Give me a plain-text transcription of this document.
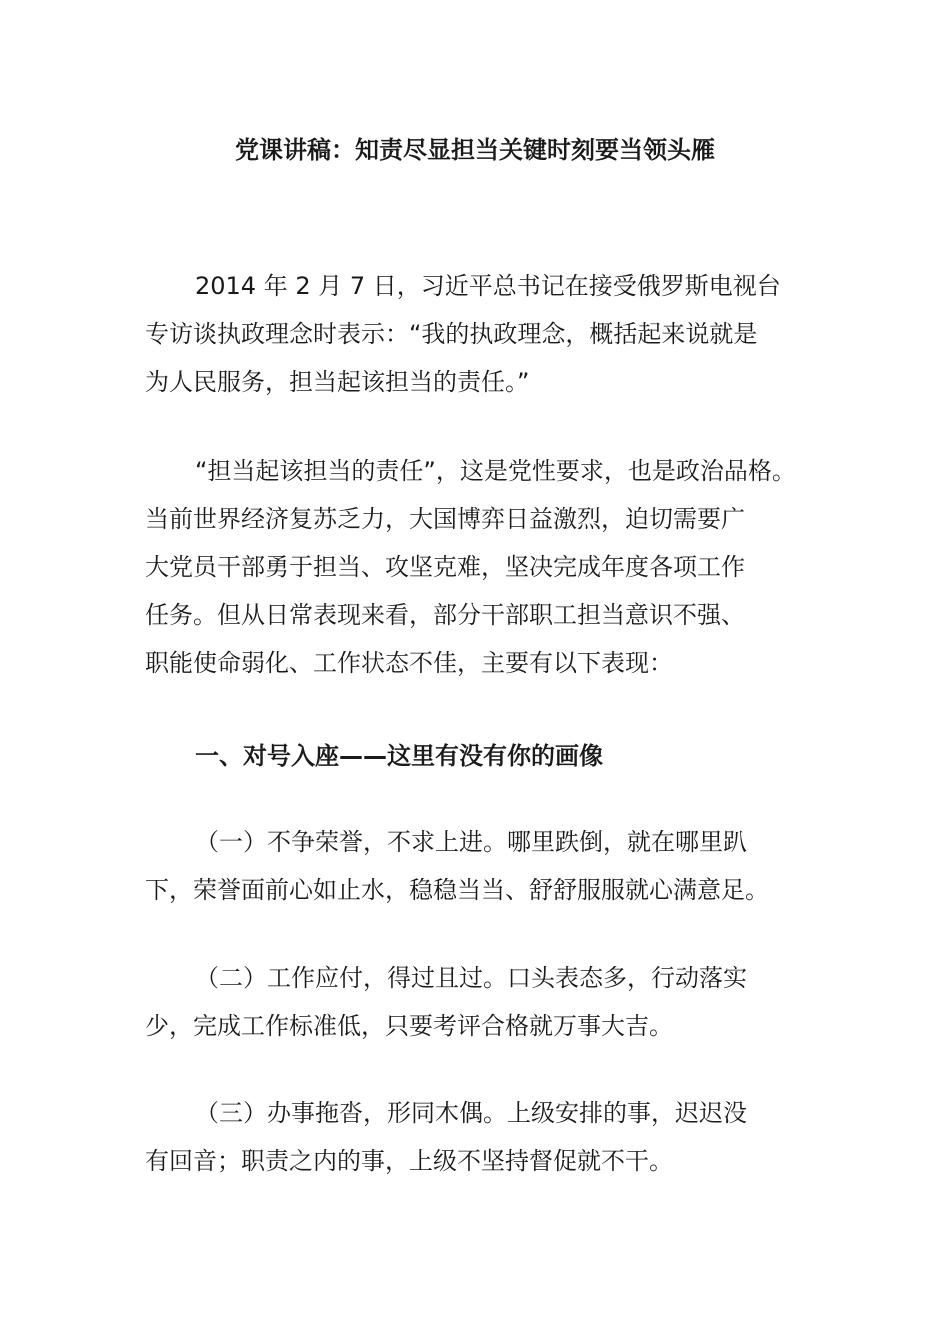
党课讲稿：知责尽显担当关键时刻要当领头雁

2014 年 2 月 7 日，习近平总书记在接受俄罗斯电视台
专访谈执政理念时表示：“我的执政理念，概括起来说就是
为人民服务，担当起该担当的责任。”

“担当起该担当的责任”，这是党性要求，也是政治品格。
当前世界经济复苏乏力，大国博弈日益激烈，迫切需要广
大党员干部勇于担当、攻坚克难，坚决完成年度各项工作
任务。但从日常表现来看，部分干部职工担当意识不强、
职能使命弱化、工作状态不佳，主要有以下表现：

一、对号入座——这里有没有你的画像

（一）不争荣誉，不求上进。哪里跌倒，就在哪里趴
下，荣誉面前心如止水，稳稳当当、舒舒服服就心满意足。

（二）工作应付，得过且过。口头表态多，行动落实
少，完成工作标准低，只要考评合格就万事大吉。

（三）办事拖沓，形同木偶。上级安排的事，迟迟没
有回音；职责之内的事，上级不坚持督促就不干。
